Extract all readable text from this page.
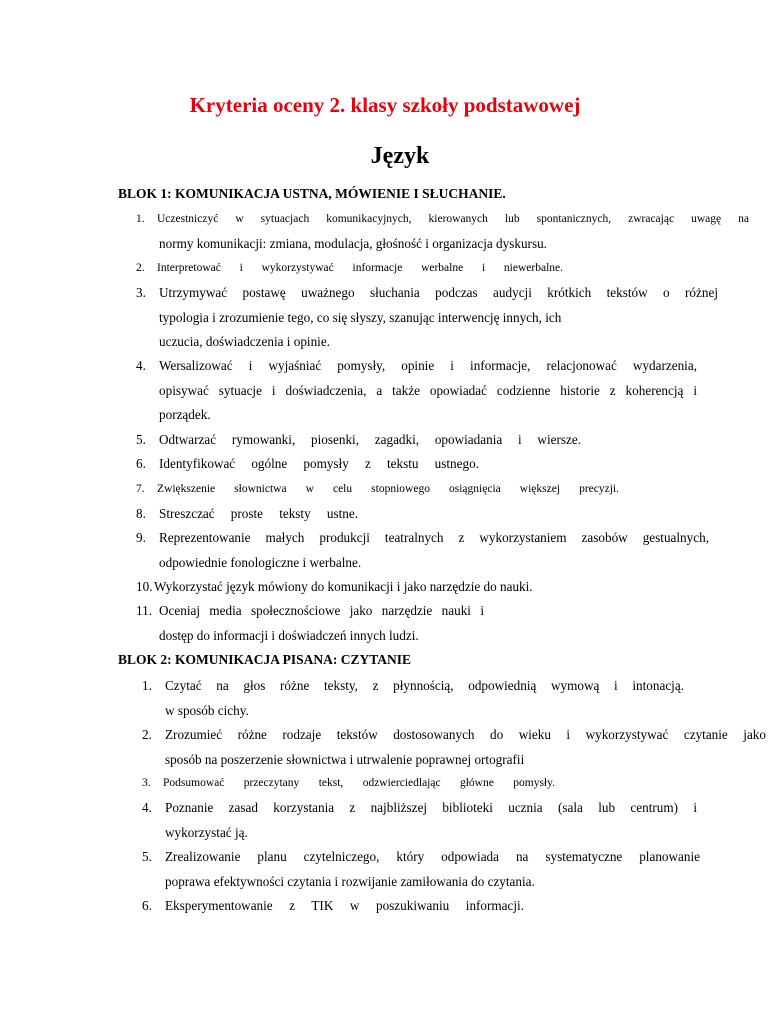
Kryteria oceny 2. klasy szkoły podstawowej
Język
BLOK 1: KOMUNIKACJA USTNA, MÓWIENIE I SŁUCHANIE.
1. Uczestniczyć w sytuacjach komunikacyjnych, kierowanych lub spontanicznych, zwracając uwagę na
normy komunikacji: zmiana, modulacja, głośność i organizacja dyskursu.
2. Interpretować i wykorzystywać informacje werbalne i niewerbalne.
3. Utrzymywać postawę uważnego słuchania podczas audycji krótkich tekstów o różnej
typologia i zrozumienie tego, co się słyszy, szanując interwencję innych, ich
uczucia, doświadczenia i opinie.
4. Wersalizować i wyjaśniać pomysły, opinie i informacje, relacjonować wydarzenia,
opisywać sytuacje i doświadczenia, a także opowiadać codzienne historie z koherencją i
porządek.
5. Odtwarzać rymowanki, piosenki, zagadki, opowiadania i wiersze.
6. Identyfikować ogólne pomysły z tekstu ustnego.
7. Zwiększenie słownictwa w celu stopniowego osiągnięcia większej precyzji.
8. Streszczać proste teksty ustne.
9. Reprezentowanie małych produkcji teatralnych z wykorzystaniem zasobów gestualnych,
odpowiednie fonologiczne i werbalne.
10. Wykorzystać język mówiony do komunikacji i jako narzędzie do nauki.
11. Oceniaj media społecznościowe jako narzędzie nauki i
dostęp do informacji i doświadczeń innych ludzi.
BLOK 2: KOMUNIKACJA PISANA: CZYTANIE
1. Czytać na głos różne teksty, z płynnością, odpowiednią wymową i intonacją.
w sposób cichy.
2. Zrozumieć różne rodzaje tekstów dostosowanych do wieku i wykorzystywać czytanie jako
sposób na poszerzenie słownictwa i utrwalenie poprawnej ortografii
3. Podsumować przeczytany tekst, odzwierciedlając główne pomysły.
4. Poznanie zasad korzystania z najbliższej biblioteki ucznia (sala lub centrum) i
wykorzystać ją.
5. Zrealizowanie planu czytelniczego, który odpowiada na systematyczne planowanie
poprawa efektywności czytania i rozwijanie zamiłowania do czytania.
6. Eksperymentowanie z TIK w poszukiwaniu informacji.
